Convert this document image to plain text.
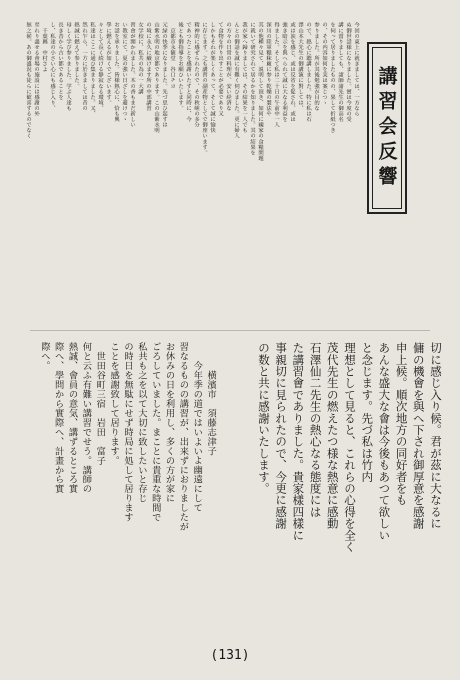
講習会反響

今回の東上に就きましては、一方なら
ぬ御世話様になりました。實は今度の受
講に當りましても、諸師諸先生の御高名
を伺って居りましたものの、果して折紙つき
の、その内容如何を実は案じつゝ
参りました。所が其後勉強が目的な
ので、熱心に聴講しました。特に私は石
澤山本大先生の御講演に對しては、
或は涙を感じ、或は反省を促され、或は
強き暗示を與へられて誠に大なる利益を
得ました。そして私は二十日の午前中一人
深川の陸軍糧秣廠に参り乾燥の製法や
其の他種々見て、説明して頂き、如何に國家の食糧問題
に就いて研究されて居るかを知りました。其の結果を
我が家へ歸りましては、その結果を一人でも
んとの御話を誠に有難く伺ひました。更に婦人
の方々の日常の料理が、安い経済な
て食物を作り出すことが必要であり又
しかもそれが楽しくあって、そして誠に愉快
に存じます。之も講習の副産物としてで御座います。

精神的に感ぜられたので、その秋嵯の多分
であつたことを感謝いたすと同時に、今
後とも御指導をお願ひいたします。
　京都市永観堂　谷口チヨ
元緑の快季になりました。先づ思ひ起すは
山紫水明の地京都であります。この山紫水明
の境に永久に續けます所の中部講習
女学校に、私共の為の一大講
習會が開かれました。木の香もまだ新しい
い教室にて、夏の強い日ざしを避けつゝ
お話を承りました。皆様熱心に、恰も興
學に燃えるが如くでございます。
々として長く続ける静寂なる環境、
私達はここに通ひ集まりました。又、
然れ乍ら、一方に於きましては昔の
熱誠に燃えて参りました。
母しく学び参りました。学ぶ人達も
長き昔から古い都であることを
し、私達の小さい心にも感じ入り、
　千葉縣　中村さよ
至れり盡せる會場の施設には感謝の外
無之候。あの御盛況も徒らに歓喜するのでなく

切に感じ入り候。君が茲に大なるに
傭の機會を與へ下され御厚意を感謝
申上候。順次地方の同好者をも
あんな盛大な會は今後もあつて欲しい
と念じます。先づ私は竹内
理想として見ると、これらの心得を全く
茂代先生の燃えたつ様な熱意に感動
石澤仙二先生の熱心なる態度には
た講習會でありました。貴家樣四樣に
事親切に見られたので、今更に感謝
の数と共に感謝いたします。

　横濱市　須藤志津子
今年季の道ではいよいよ幽遠にして
習なるものの講習が、出来ずにおりましたが
お休みの日を利用し、多くの方が家に
ごろしていました。まことに貴重な時間で
私共も之を以て大切に致したいと存じ
の時日を無駄にせず時局に処して居ります
ことを感謝致して居ります。
　世田谷町三宿　岩田　富子
何と云ふ有難い講習でせう。講師の
熱誠、會員の意気、講ずるところ實
際へ、學問から實際へ、計畫から實
際へ。

(131)
